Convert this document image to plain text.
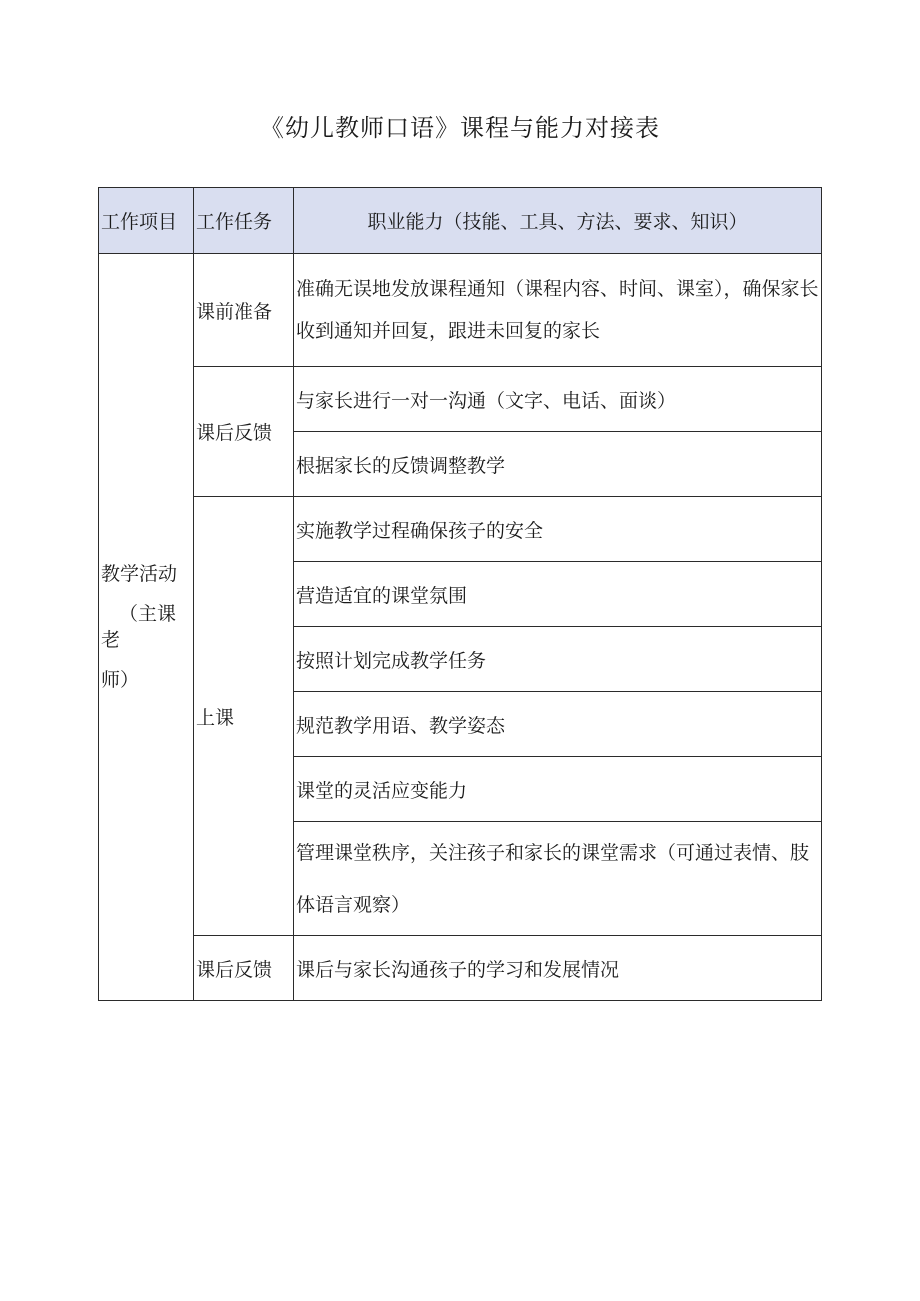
《幼儿教师口语》课程与能力对接表
工作项目	工作任务	职业能力（技能、工具、方法、要求、知识）

教学活动
（主课
老
师）	课前准备	准确无误地发放课程通知（课程内容、时间、课室），确保家长收到通知并回复，跟进未回复的家长
	课后反馈	与家长进行一对一沟通（文字、电话、面谈）
		根据家长的反馈调整教学
	上课	实施教学过程确保孩子的安全
		营造适宜的课堂氛围
		按照计划完成教学任务
		规范教学用语、教学姿态
		课堂的灵活应变能力
		管理课堂秩序，关注孩子和家长的课堂需求（可通过表情、肢体语言观察）
	课后反馈	课后与家长沟通孩子的学习和发展情况
